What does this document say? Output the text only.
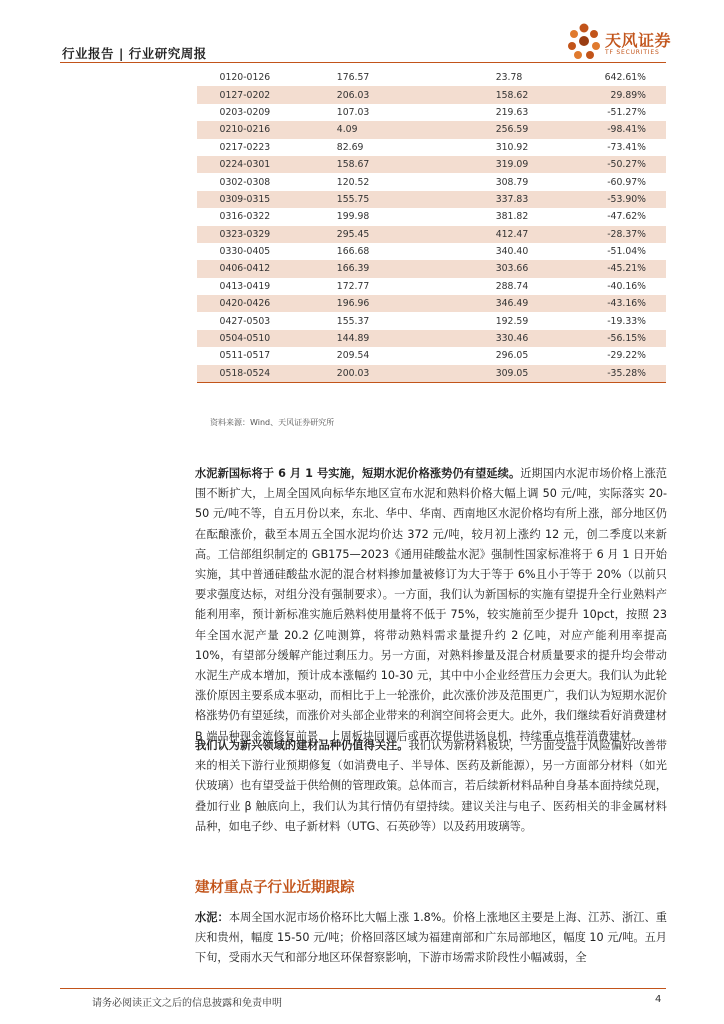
行业报告 | 行业研究周报
天风证券
TF SECURITIES
0120-0126	176.57	23.78	642.61%
0127-0202	206.03	158.62	29.89%
0203-0209	107.03	219.63	-51.27%
0210-0216	4.09	256.59	-98.41%
0217-0223	82.69	310.92	-73.41%
0224-0301	158.67	319.09	-50.27%
0302-0308	120.52	308.79	-60.97%
0309-0315	155.75	337.83	-53.90%
0316-0322	199.98	381.82	-47.62%
0323-0329	295.45	412.47	-28.37%
0330-0405	166.68	340.40	-51.04%
0406-0412	166.39	303.66	-45.21%
0413-0419	172.77	288.74	-40.16%
0420-0426	196.96	346.49	-43.16%
0427-0503	155.37	192.59	-19.33%
0504-0510	144.89	330.46	-56.15%
0511-0517	209.54	296.05	-29.22%
0518-0524	200.03	309.05	-35.28%
资料来源：Wind、天风证券研究所

水泥新国标将于 6 月 1 号实施，短期水泥价格涨势仍有望延续。近期国内水泥市场价格上涨范围不断扩大，上周全国风向标华东地区宣布水泥和熟料价格大幅上调 50 元/吨，实际落实 20-50 元/吨不等，自五月份以来，东北、华中、华南、西南地区水泥价格均有所上涨，部分地区仍在酝酿涨价，截至本周五全国水泥均价达 372 元/吨，较月初上涨约 12 元，创二季度以来新高。工信部组织制定的 GB175—2023《通用硅酸盐水泥》强制性国家标准将于 6 月 1 日开始实施，其中普通硅酸盐水泥的混合材料掺加量被修订为大于等于 6%且小于等于 20%（以前只要求强度达标，对组分没有强制要求）。一方面，我们认为新国标的实施有望提升全行业熟料产能利用率，预计新标准实施后熟料使用量将不低于 75%，较实施前至少提升 10pct，按照 23 年全国水泥产量 20.2 亿吨测算，将带动熟料需求量提升约 2 亿吨，对应产能利用率提高 10%，有望部分缓解产能过剩压力。另一方面，对熟料掺量及混合材质量要求的提升均会带动水泥生产成本增加，预计成本涨幅约 10-30 元，其中中小企业经营压力会更大。我们认为此轮涨价原因主要系成本驱动，而相比于上一轮涨价，此次涨价涉及范围更广，我们认为短期水泥价格涨势仍有望延续，而涨价对头部企业带来的利润空间将会更大。此外，我们继续看好消费建材 B 端品种现金流修复前景，上周板块回调后或再次提供进场良机，持续重点推荐消费建材。

我们认为新兴领域的建材品种仍值得关注。我们认为新材料板块，一方面受益于风险偏好改善带来的相关下游行业预期修复（如消费电子、半导体、医药及新能源），另一方面部分材料（如光伏玻璃）也有望受益于供给侧的管理政策。总体而言，若后续新材料品种自身基本面持续兑现，叠加行业 β 触底向上，我们认为其行情仍有望持续。建议关注与电子、医药相关的非金属材料品种，如电子纱、电子新材料（UTG、石英砂等）以及药用玻璃等。

建材重点子行业近期跟踪

水泥：本周全国水泥市场价格环比大幅上涨 1.8%。价格上涨地区主要是上海、江苏、浙江、重庆和贵州，幅度 15-50 元/吨；价格回落区域为福建南部和广东局部地区，幅度 10 元/吨。五月下旬，受雨水天气和部分地区环保督察影响，下游市场需求阶段性小幅减弱，全

请务必阅读正文之后的信息披露和免责申明	4
